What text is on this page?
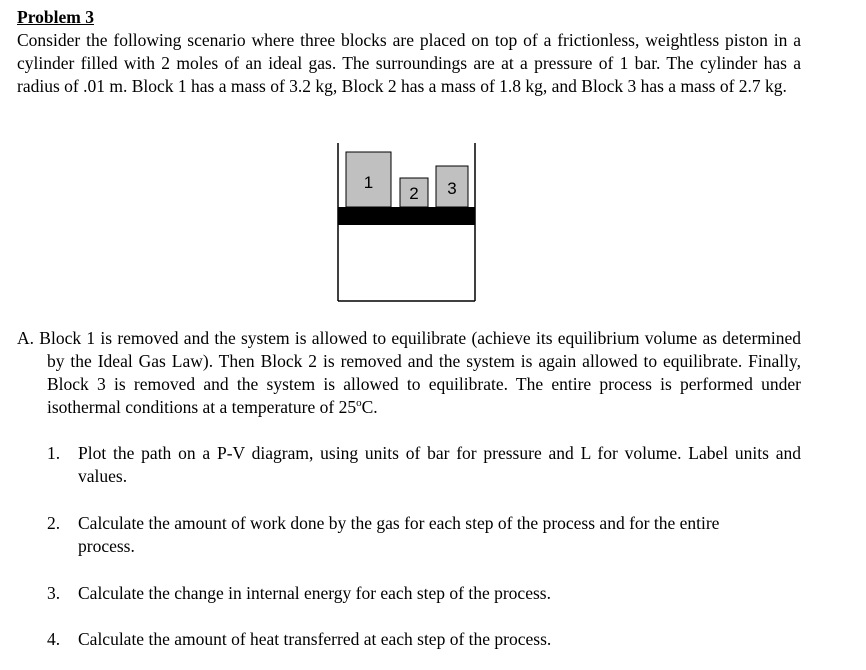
Problem 3

Consider the following scenario where three blocks are placed on top of a frictionless, weightless piston in a cylinder filled with 2 moles of an ideal gas. The surroundings are at a pressure of 1 bar. The cylinder has a radius of .01 m. Block 1 has a mass of 3.2 kg, Block 2 has a mass of 1.8 kg, and Block 3 has a mass of 2.7 kg.

1
2 3

A. Block 1 is removed and the system is allowed to equilibrate (achieve its equilibrium volume as determined by the Ideal Gas Law). Then Block 2 is removed and the system is again allowed to equilibrate. Finally, Block 3 is removed and the system is allowed to equilibrate. The entire process is performed under isothermal conditions at a temperature of 25$^o$C.

1.	Plot the path on a P-V diagram, using units of bar for pressure and L for volume. Label units and values.
2.	Calculate the amount of work done by the gas for each step of the process and for the entire process.
3.	Calculate the change in internal energy for each step of the process.
4.	Calculate the amount of heat transferred at each step of the process.
